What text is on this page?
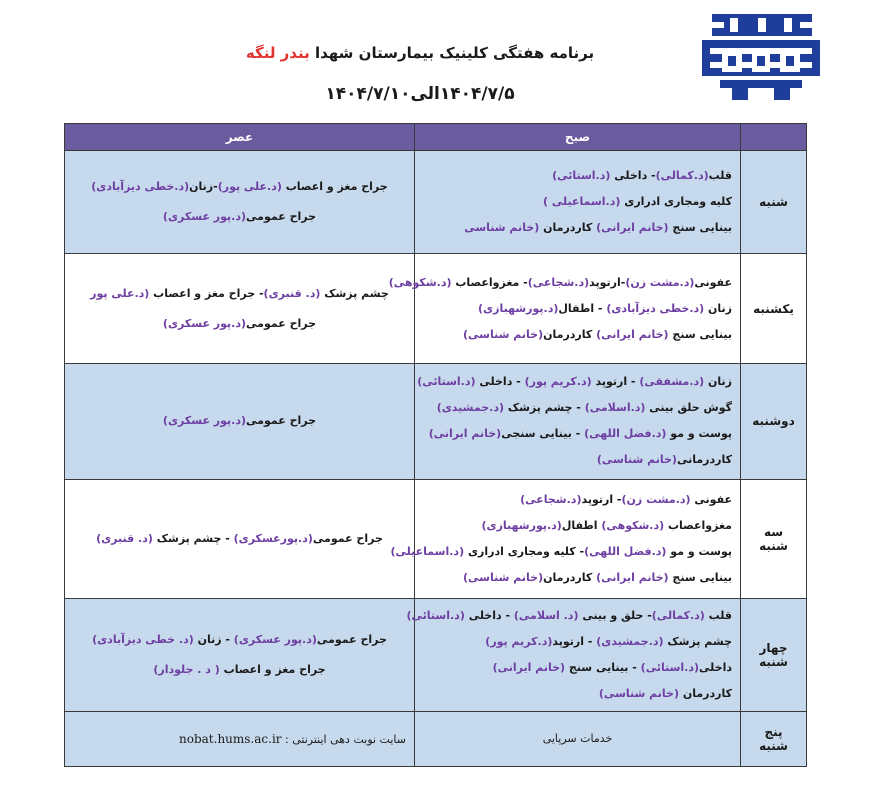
برنامه هفتگی کلینیک بیمارستان شهدا بندر لنگه
۱۴۰۴/۷/۵الی۱۴۰۴/۷/۱۰
	صبح	عصر
شنبه	قلب(د.کمالی)- داخلی (د.استائی)
کلیه ومجاری ادراری (د.اسماعیلی )
بینایی سنج (خانم ایرانی) کاردرمان (خانم شناسی	جراح مغز و اعصاب (د.علی پور)-زنان(د.خطی دیزآبادی)
جراح عمومی(د.پور عسکری)

یکشنبه	عفونی(د.مشت زن)-ارتوپد(د.شجاعی)- مغزواعصاب (د.شکوهی)
زنان (د.خطی دیزآبادی) - اطفال(د.پورشهبازی)
بینایی سنج (خانم ایرانی) کاردرمان(خانم شناسی)	چشم پزشک (د. قنبری)- جراح مغز و اعصاب (د.علی پور
جراح عمومی(د.پور عسکری)

دوشنبه	زنان (د.مشفقی) - ارتوپد (د.کریم پور) - داخلی (د.استائی)
گوش حلق بینی (د.اسلامی) - چشم پزشک (د.جمشیدی)
پوست و مو (د.فضل اللهی) - بینایی سنجی(خانم ایرانی)
کاردرمانی(خانم شناسی)	جراح عمومی(د.پور عسکری)

سه شنبه	عفونی (د.مشت زن)- ارتوپد(د.شجاعی)
مغزواعصاب (د.شکوهی) اطفال(د.پورشهبازی)
پوست و مو (د.فضل اللهی)- کلیه ومجاری ادراری (د.اسماعیلی)
بینایی سنج (خانم ایرانی) کاردرمان(خانم شناسی)	جراح عمومی(د.پورعسکری) - چشم پزشک (د. قنبری)

چهار شنبه	قلب (د.کمالی)- حلق و بینی (د. اسلامی) - داخلی (د.استائی)
چشم پزشک (د.جمشیدی) - ارتوپد(د.کریم پور)
داخلی(د.استائی) - بینایی سنج (خانم ایرانی)
کاردرمان (خانم شناسی)	جراح عمومی(د.پور عسکری) - زنان (د. خطی دیزآبادی)
جراح مغز و اعصاب ( د . جلودار)

پنج شنبه	خدمات سرپایی	سایت نوبت دهی اینترنتی : nobat.hums.ac.ir
